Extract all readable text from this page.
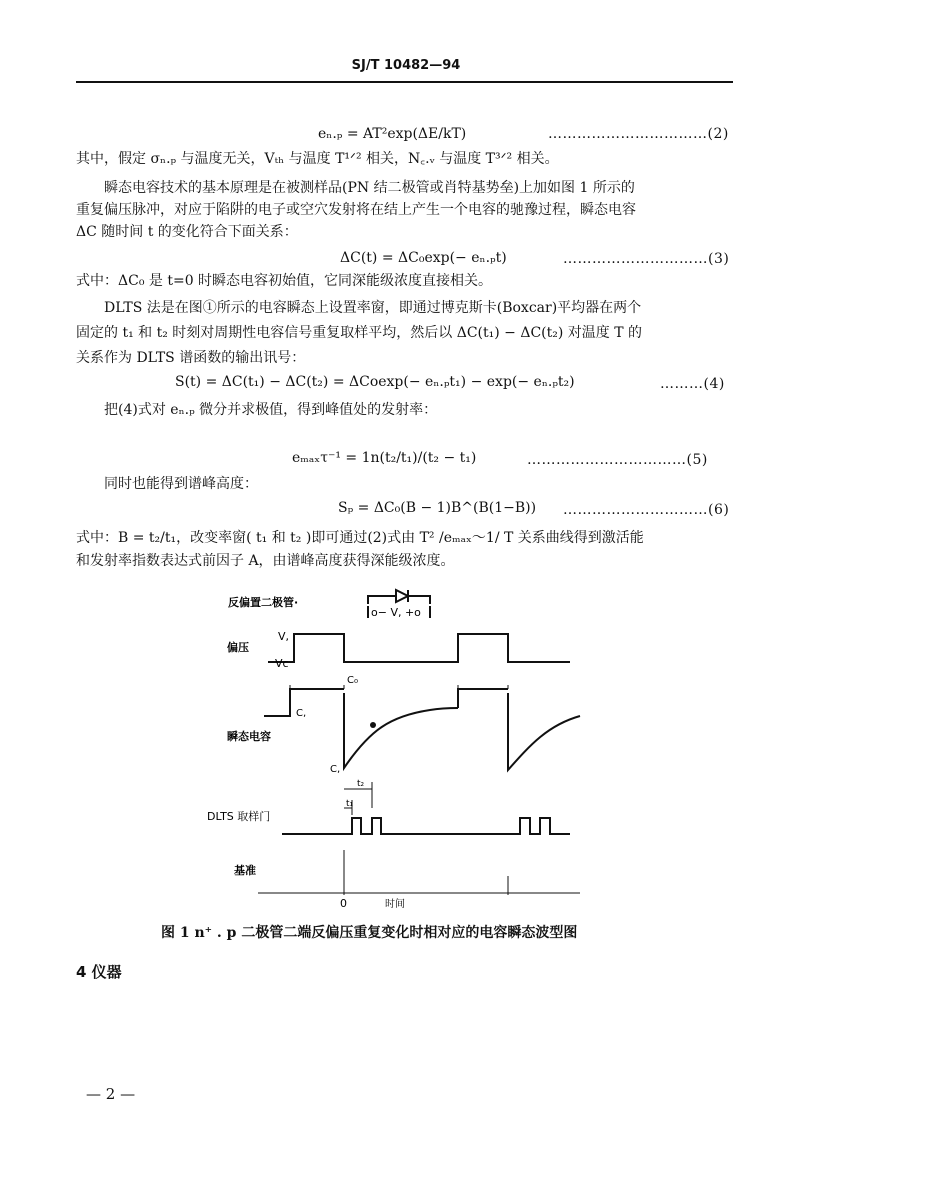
SJ/T 10482—94
eₙ.ₚ = AT²exp(ΔE/kT)	……………………………(2)
其中，假定 σₙ.ₚ 与温度无关，Vₜₕ 与温度 T¹ᐟ² 相关，N꜀.ᵥ 与温度 T³ᐟ² 相关。
瞬态电容技术的基本原理是在被测样品(PN 结二极管或肖特基势垒)上加如图 1 所示的
重复偏压脉冲，对应于陷阱的电子或空穴发射将在结上产生一个电容的驰豫过程，瞬态电容
ΔC 随时间 t 的变化符合下面关系：
ΔC(t) = ΔC₀exp(− eₙ.ₚt)	…………………………(3)
式中：ΔC₀ 是 t=0 时瞬态电容初始值，它同深能级浓度直接相关。
DLTS 法是在图①所示的电容瞬态上设置率窗，即通过博克斯卡(Boxcar)平均器在两个
固定的 t₁ 和 t₂ 时刻对周期性电容信号重复取样平均，然后以 ΔC(t₁) − ΔC(t₂) 对温度 T 的
关系作为 DLTS 谱函数的输出讯号：
S(t) = ΔC(t₁) − ΔC(t₂) = ΔCoexp(− eₙ.ₚt₁) − exp(− eₙ.ₚt₂)	………(4)
把(4)式对 eₙ.ₚ 微分并求极值，得到峰值处的发射率：
eₘₐₓτ⁻¹ = 1n(t₂/t₁)/(t₂ − t₁)	……………………………(5)
同时也能得到谱峰高度：
Sₚ = ΔC₀(B − 1)B^(B(1−B)) …………………………(6)
式中：B = t₂/t₁，改变率窗( t₁ 和 t₂ )即可通过(2)式由 T² /eₘₐₓ～1/ T 关系曲线得到激活能
和发射率指数表达式前因子 A，由谱峰高度获得深能级浓度。
反偏置二极管·
o− V, +o
V,
偏压
Vc
C₀
C,
瞬态电容
C,
t₂
t₁
DLTS 取样门
基准
0	时间
图 1 n⁺ . p 二极管二端反偏压重复变化时相对应的电容瞬态波型图
4 仪器
— 2 —
